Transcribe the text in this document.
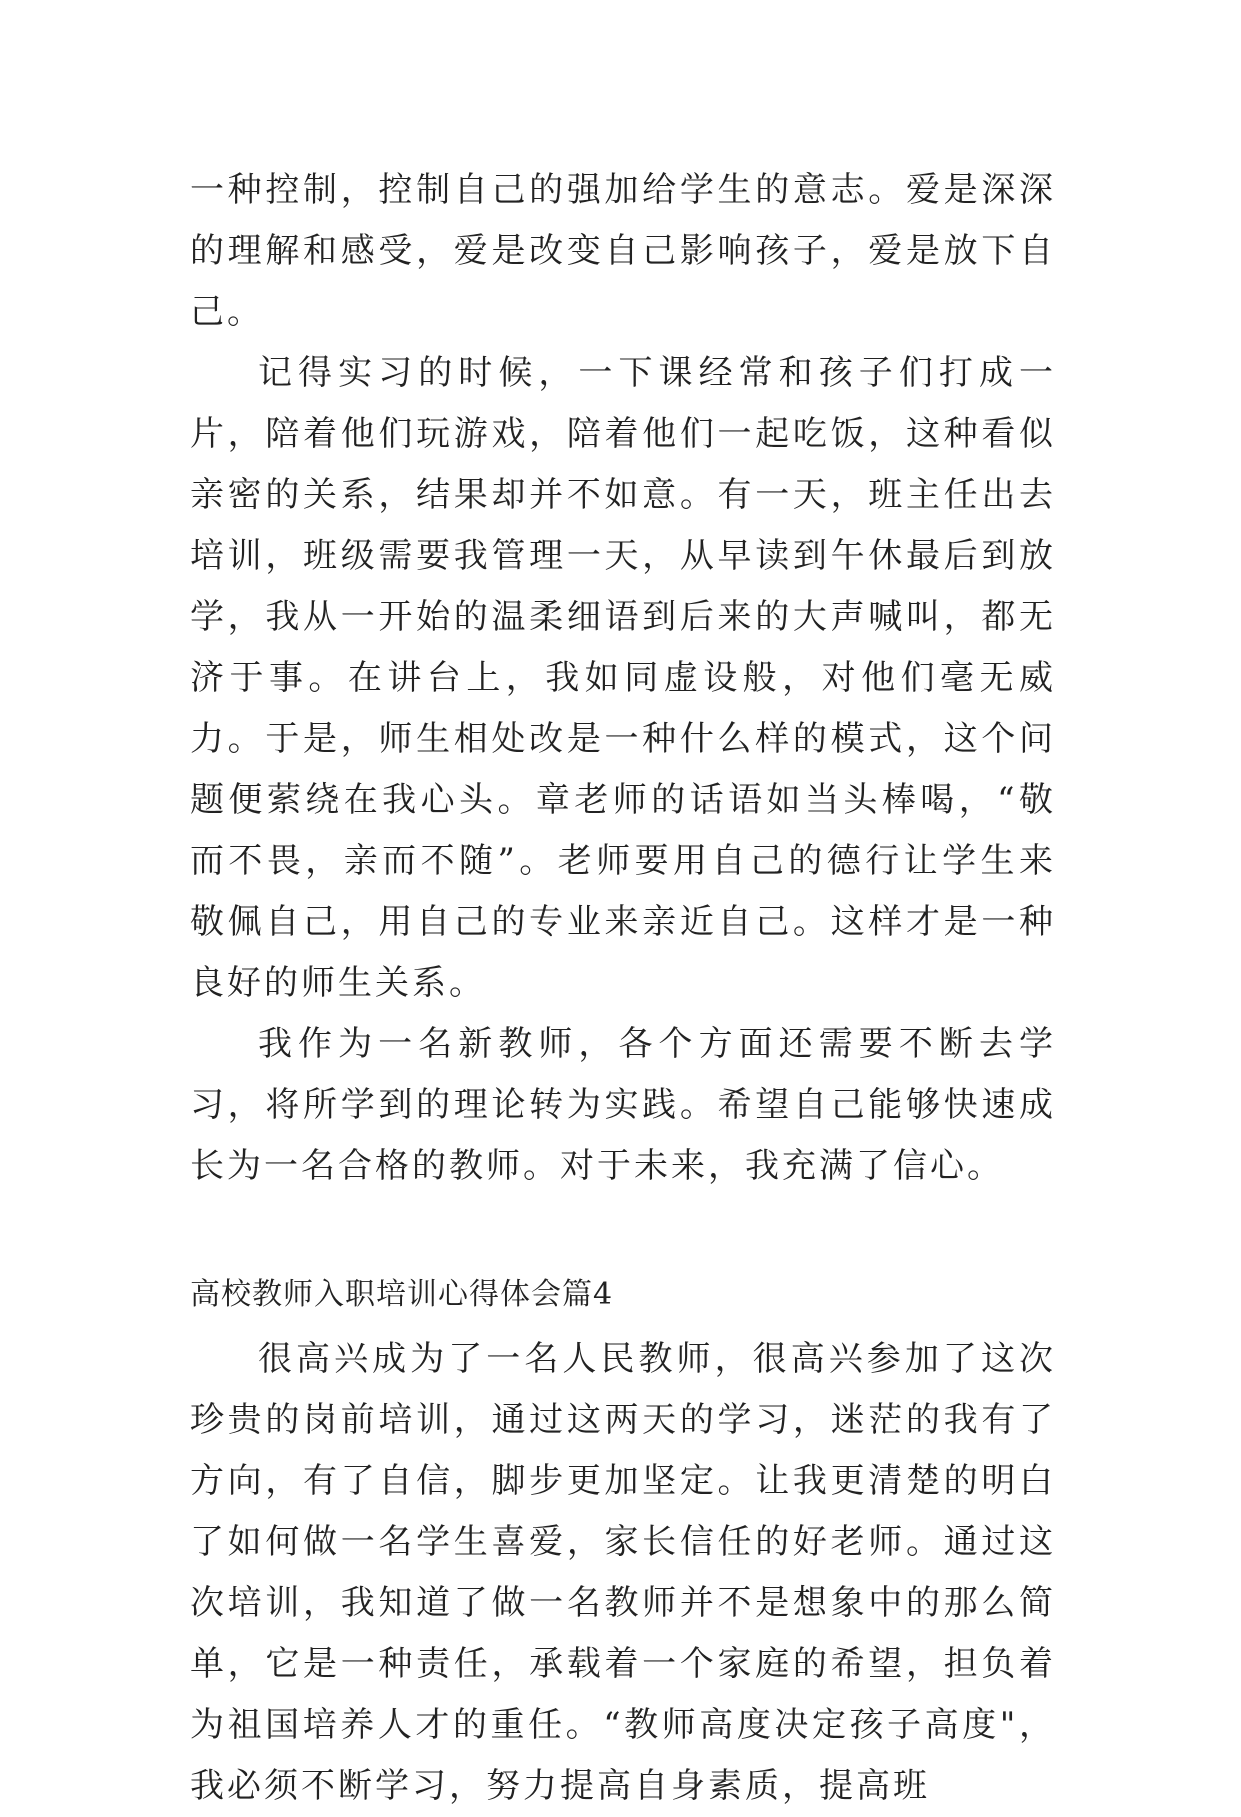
一种控制，控制自己的强加给学生的意志。爱是深深的理解和感受，爱是改变自己影响孩子，爱是放下自己。

记得实习的时候，一下课经常和孩子们打成一片，陪着他们玩游戏，陪着他们一起吃饭，这种看似亲密的关系，结果却并不如意。有一天，班主任出去培训，班级需要我管理一天，从早读到午休最后到放学，我从一开始的温柔细语到后来的大声喊叫，都无济于事。在讲台上，我如同虚设般，对他们毫无威力。于是，师生相处改是一种什么样的模式，这个问题便萦绕在我心头。章老师的话语如当头棒喝，“敬而不畏，亲而不随”。老师要用自己的德行让学生来敬佩自己，用自己的专业来亲近自己。这样才是一种良好的师生关系。

我作为一名新教师，各个方面还需要不断去学习，将所学到的理论转为实践。希望自己能够快速成长为一名合格的教师。对于未来，我充满了信心。

高校教师入职培训心得体会篇4

很高兴成为了一名人民教师，很高兴参加了这次珍贵的岗前培训，通过这两天的学习，迷茫的我有了方向，有了自信，脚步更加坚定。让我更清楚的明白了如何做一名学生喜爱，家长信任的好老师。通过这次培训，我知道了做一名教师并不是想象中的那么简单，它是一种责任，承载着一个家庭的希望，担负着为祖国培养人才的重任。“教师高度决定孩子高度"，我必须不断学习，努力提高自身素质，提高班
